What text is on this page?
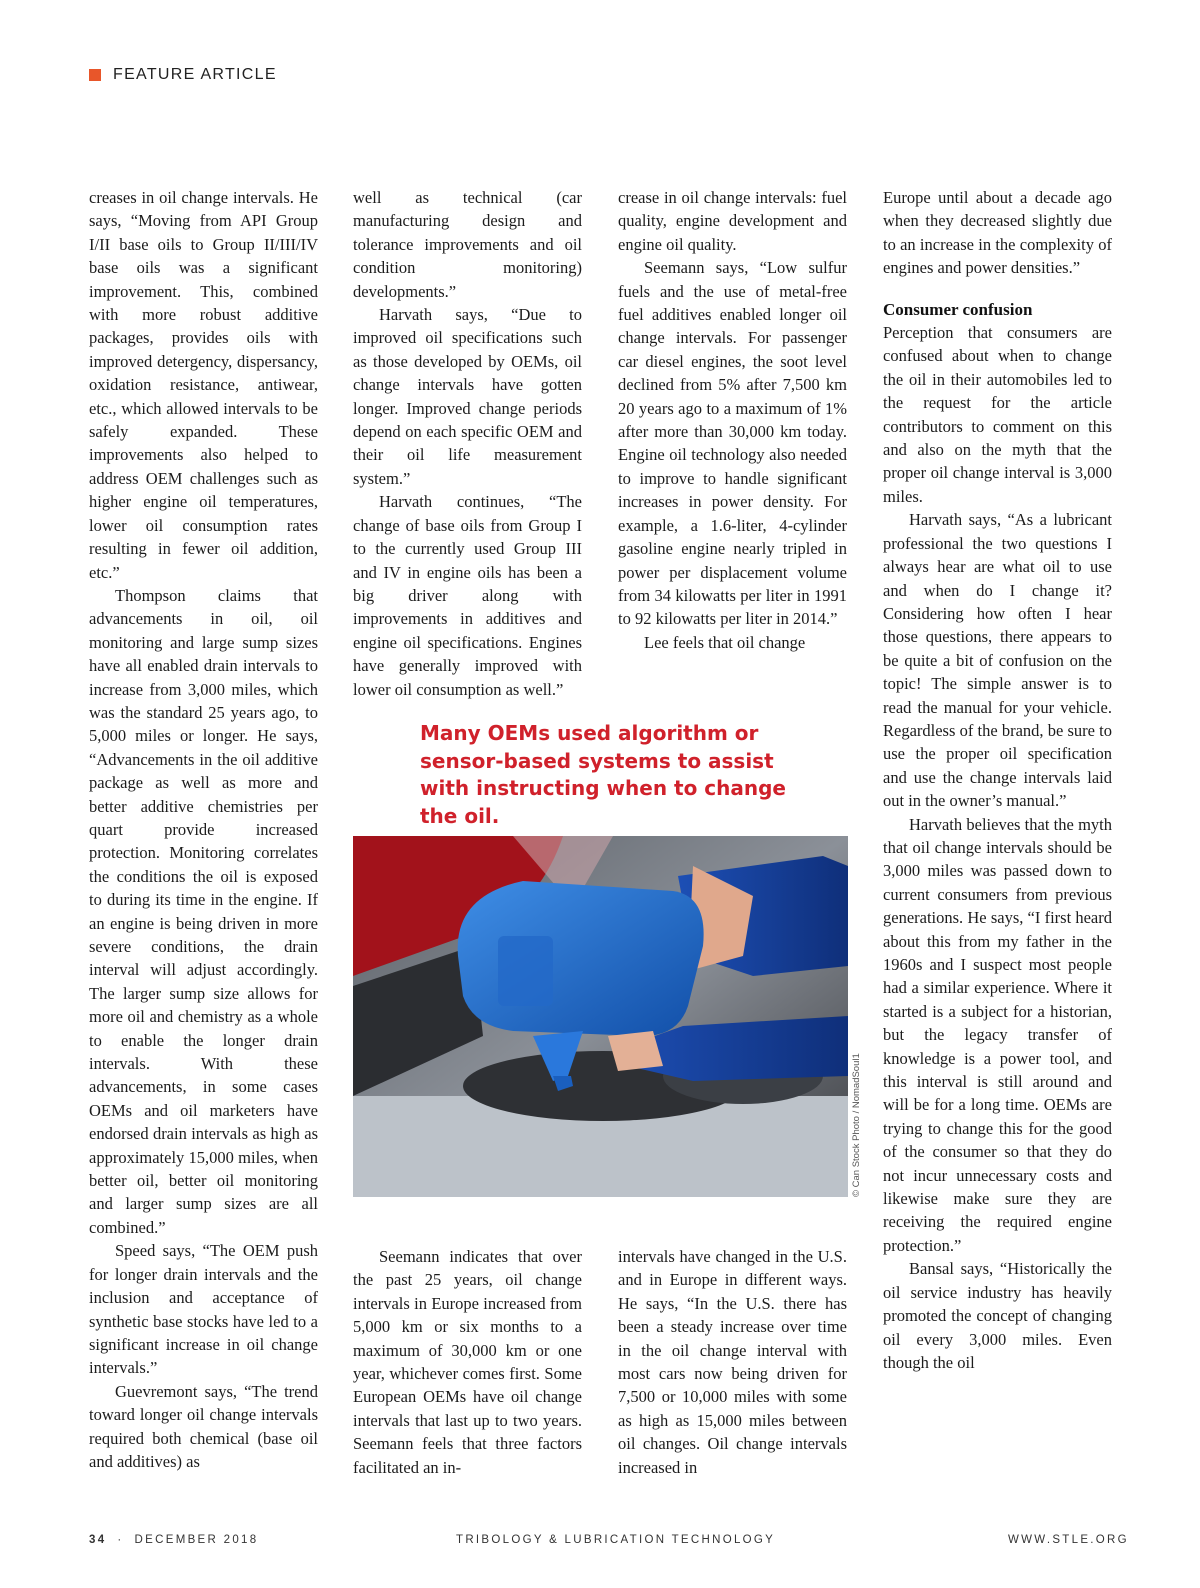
FEATURE ARTICLE

creases in oil change intervals. He says, “Moving from API Group I/II base oils to Group II/III/IV base oils was a significant improvement. This, combined with more robust additive packages, provides oils with improved detergency, dispersancy, oxidation resistance, antiwear, etc., which allowed intervals to be safely expanded. These improvements also helped to address OEM challenges such as higher engine oil temperatures, lower oil consumption rates resulting in fewer oil addition, etc.”

Thompson claims that advancements in oil, oil monitoring and large sump sizes have all enabled drain intervals to increase from 3,000 miles, which was the standard 25 years ago, to 5,000 miles or longer. He says, “Advancements in the oil additive package as well as more and better additive chemistries per quart provide increased protection. Monitoring correlates the conditions the oil is exposed to during its time in the engine. If an engine is being driven in more severe conditions, the drain interval will adjust accordingly. The larger sump size allows for more oil and chemistry as a whole to enable the longer drain intervals. With these advancements, in some cases OEMs and oil marketers have endorsed drain intervals as high as approximately 15,000 miles, when better oil, better oil monitoring and larger sump sizes are all combined.”

Speed says, “The OEM push for longer drain intervals and the inclusion and acceptance of synthetic base stocks have led to a significant increase in oil change intervals.”

Guevremont says, “The trend toward longer oil change intervals required both chemical (base oil and additives) as

well as technical (car manufacturing design and tolerance improvements and oil condition monitoring) developments.”

Harvath says, “Due to improved oil specifications such as those developed by OEMs, oil change intervals have gotten longer. Improved change periods depend on each specific OEM and their oil life measurement system.”

Harvath continues, “The change of base oils from Group I to the currently used Group III and IV in engine oils has been a big driver along with improvements in additives and engine oil specifications. Engines have generally improved with lower oil consumption as well.”

crease in oil change intervals: fuel quality, engine development and engine oil quality.

Seemann says, “Low sulfur fuels and the use of metal-free fuel additives enabled longer oil change intervals. For passenger car diesel engines, the soot level declined from 5% after 7,500 km 20 years ago to a maximum of 1% after more than 30,000 km today. Engine oil technology also needed to improve to handle significant increases in power density. For example, a 1.6-liter, 4-cylinder gasoline engine nearly tripled in power per displacement volume from 34 kilowatts per liter in 1991 to 92 kilowatts per liter in 2014.”

Lee feels that oil change

Europe until about a decade ago when they decreased slightly due to an increase in the complexity of engines and power densities.”

Consumer confusion

Perception that consumers are confused about when to change the oil in their automobiles led to the request for the article contributors to comment on this and also on the myth that the proper oil change interval is 3,000 miles.

Harvath says, “As a lubricant professional the two questions I always hear are what oil to use and when do I change it? Considering how often I hear those questions, there appears to be quite a bit of confusion on the topic! The simple answer is to read the manual for your vehicle. Regardless of the brand, be sure to use the proper oil specification and use the change intervals laid out in the owner’s manual.”

Harvath believes that the myth that oil change intervals should be 3,000 miles was passed down to current consumers from previous generations. He says, “I first heard about this from my father in the 1960s and I suspect most people had a similar experience. Where it started is a subject for a historian, but the legacy transfer of knowledge is a power tool, and this interval is still around and will be for a long time. OEMs are trying to change this for the good of the consumer so that they do not incur unnecessary costs and likewise make sure they are receiving the required engine protection.”

Bansal says, “Historically the oil service industry has heavily promoted the concept of changing oil every 3,000 miles. Even though the oil

Many OEMs used algorithm or sensor-based systems to assist with instructing when to change the oil.
© Can Stock Photo / NomadSoul1

Seemann indicates that over the past 25 years, oil change intervals in Europe increased from 5,000 km or six months to a maximum of 30,000 km or one year, whichever comes first. Some European OEMs have oil change intervals that last up to two years. Seemann feels that three factors facilitated an in-

intervals have changed in the U.S. and in Europe in different ways. He says, “In the U.S. there has been a steady increase over time in the oil change interval with most cars now being driven for 7,500 or 10,000 miles with some as high as 15,000 miles between oil changes. Oil change intervals increased in

34 · DECEMBER 2018	TRIBOLOGY & LUBRICATION TECHNOLOGY	WWW.STLE.ORG
